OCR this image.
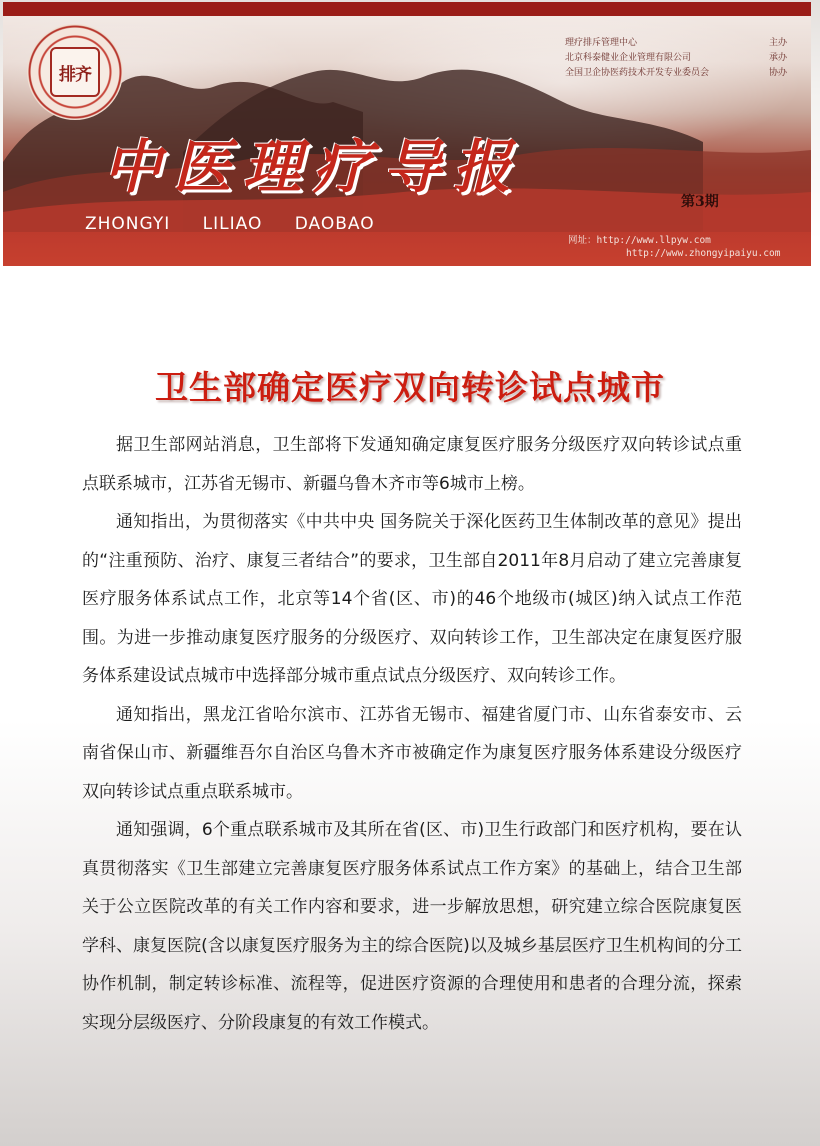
排齐
理疗排斥管理中心	主办
北京科泰健业企业管理有限公司	承办
全国卫企协医药技术开发专业委员会	协办
中医理疗导报
第3期
ZHONGYI LILIAO DAOBAO
网址：http://www.llpyw.com
http://www.zhongyipaiyu.com
卫生部确定医疗双向转诊试点城市

据卫生部网站消息，卫生部将下发通知确定康复医疗服务分级医疗双向转诊试点重点联系城市，江苏省无锡市、新疆乌鲁木齐市等6城市上榜。

通知指出，为贯彻落实《中共中央 国务院关于深化医药卫生体制改革的意见》提出的“注重预防、治疗、康复三者结合”的要求，卫生部自2011年8月启动了建立完善康复医疗服务体系试点工作，北京等14个省(区、市)的46个地级市(城区)纳入试点工作范围。为进一步推动康复医疗服务的分级医疗、双向转诊工作，卫生部决定在康复医疗服务体系建设试点城市中选择部分城市重点试点分级医疗、双向转诊工作。

通知指出，黑龙江省哈尔滨市、江苏省无锡市、福建省厦门市、山东省泰安市、云南省保山市、新疆维吾尔自治区乌鲁木齐市被确定作为康复医疗服务体系建设分级医疗双向转诊试点重点联系城市。

通知强调，6个重点联系城市及其所在省(区、市)卫生行政部门和医疗机构，要在认真贯彻落实《卫生部建立完善康复医疗服务体系试点工作方案》的基础上，结合卫生部关于公立医院改革的有关工作内容和要求，进一步解放思想，研究建立综合医院康复医学科、康复医院(含以康复医疗服务为主的综合医院)以及城乡基层医疗卫生机构间的分工协作机制，制定转诊标准、流程等，促进医疗资源的合理使用和患者的合理分流，探索实现分层级医疗、分阶段康复的有效工作模式。
